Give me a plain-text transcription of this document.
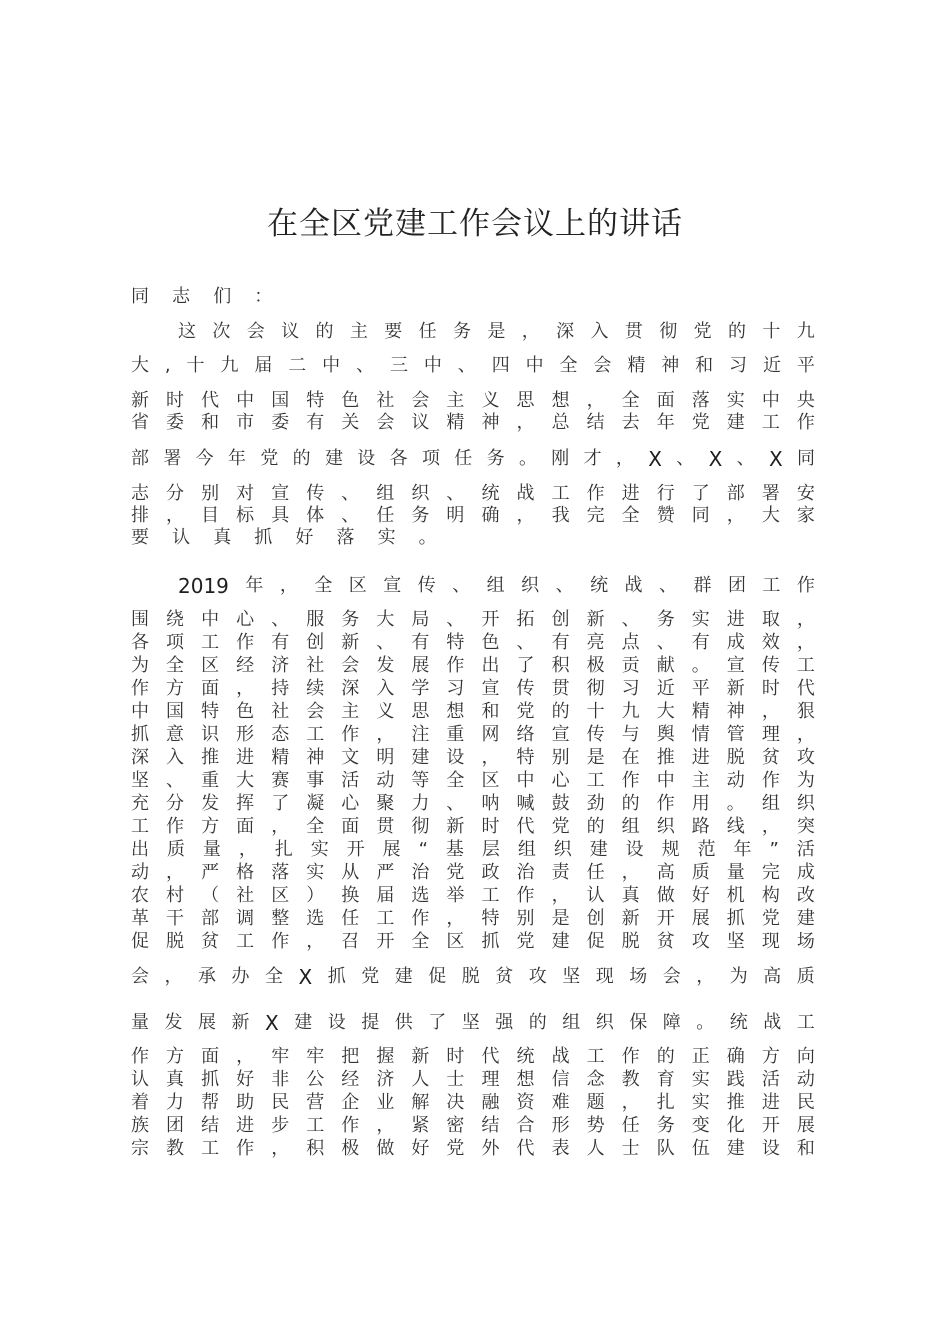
在全区党建工作会议上的讲话
同 志 们 ：
这 次 会 议 的 主 要 任 务 是 ， 深 入 贯 彻 党 的 十 九
大 , 十 九 届 二 中 、 三 中 、 四 中 全 会 精 神 和 习 近 平
新 时 代 中 国 特 色 社 会 主 义 思 想 ， 全 面 落 实 中 央
省 委 和 市 委 有 关 会 议 精 神 ， 总 结 去 年 党 建 工 作
部 署 今 年 党 的 建 设 各 项 任 务 。 刚 才 ， X 、 X 、 X 同
志 分 别 对 宣 传 、 组 织 、 统 战 工 作 进 行 了 部 署 安
排 ， 目 标 具 体 、 任 务 明 确 ， 我 完 全 赞 同 ， 大 家
要 认 真 抓 好 落 实 。
2019 年 ， 全 区 宣 传 、 组 织 、 统 战 、 群 团 工 作
围 绕 中 心 、 服 务 大 局 、 开 拓 创 新 、 务 实 进 取 ，
各 项 工 作 有 创 新 、 有 特 色 、 有 亮 点 、 有 成 效 ，
为 全 区 经 济 社 会 发 展 作 出 了 积 极 贡 献 。 宣 传 工
作 方 面 ， 持 续 深 入 学 习 宣 传 贯 彻 习 近 平 新 时 代
中 国 特 色 社 会 主 义 思 想 和 党 的 十 九 大 精 神 ， 狠
抓 意 识 形 态 工 作 ， 注 重 网 络 宣 传 与 舆 情 管 理 ，
深 入 推 进 精 神 文 明 建 设 ， 特 别 是 在 推 进 脱 贫 攻
坚 、 重 大 赛 事 活 动 等 全 区 中 心 工 作 中 主 动 作 为
充 分 发 挥 了 凝 心 聚 力 、 呐 喊 鼓 劲 的 作 用 。 组 织
工 作 方 面 ， 全 面 贯 彻 新 时 代 党 的 组 织 路 线 ， 突
出 质 量 ， 扎 实 开 展 “ 基 层 组 织 建 设 规 范 年 ” 活
动 ， 严 格 落 实 从 严 治 党 政 治 责 任 ， 高 质 量 完 成
农 村 （ 社 区 ） 换 届 选 举 工 作 ， 认 真 做 好 机 构 改
革 干 部 调 整 选 任 工 作 ， 特 别 是 创 新 开 展 抓 党 建
促 脱 贫 工 作 ， 召 开 全 区 抓 党 建 促 脱 贫 攻 坚 现 场
会 ， 承 办 全 X 抓 党 建 促 脱 贫 攻 坚 现 场 会 ， 为 高 质
量 发 展 新 X 建 设 提 供 了 坚 强 的 组 织 保 障 。 统 战 工
作 方 面 ， 牢 牢 把 握 新 时 代 统 战 工 作 的 正 确 方 向
认 真 抓 好 非 公 经 济 人 士 理 想 信 念 教 育 实 践 活 动
着 力 帮 助 民 营 企 业 解 决 融 资 难 题 ， 扎 实 推 进 民
族 团 结 进 步 工 作 ， 紧 密 结 合 形 势 任 务 变 化 开 展
宗 教 工 作 ， 积 极 做 好 党 外 代 表 人 士 队 伍 建 设 和
